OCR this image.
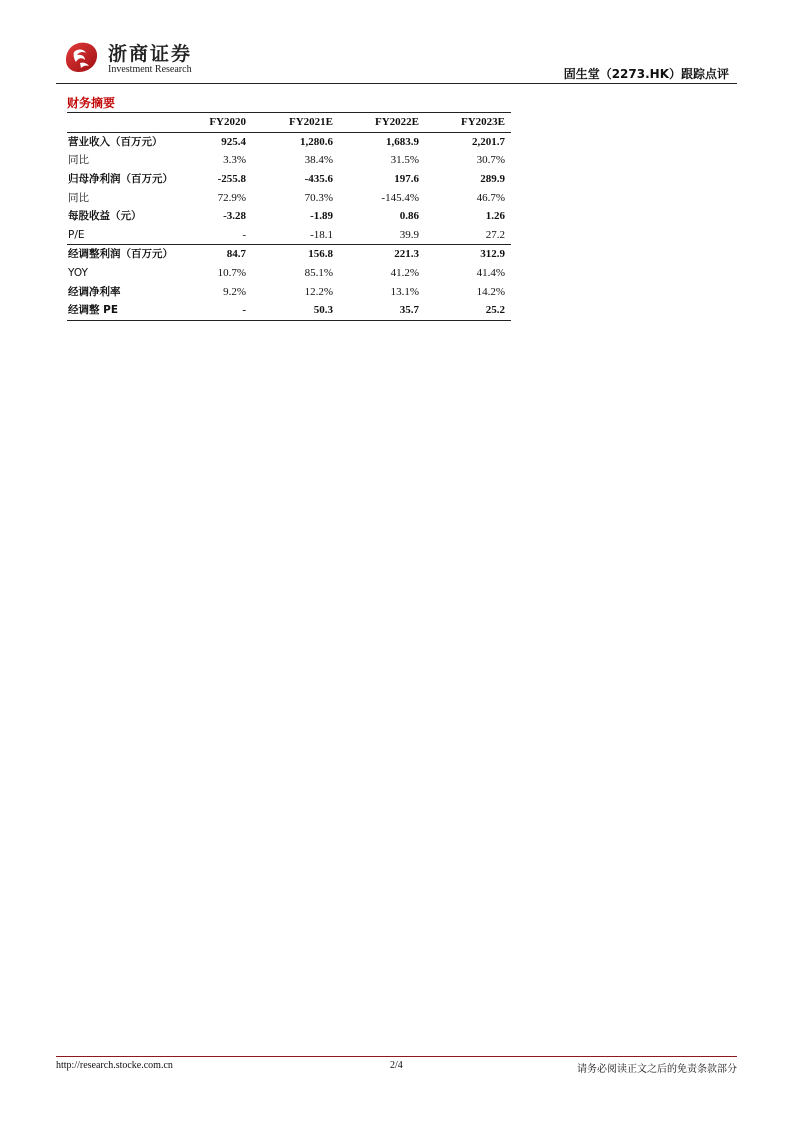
浙商证券
Investment Research	固生堂（2273.HK）跟踪点评
财务摘要
	FY2020	FY2021E	FY2022E	FY2023E
营业收入（百万元）	925.4	1,280.6	1,683.9	2,201.7
同比	3.3%	38.4%	31.5%	30.7%
归母净利润（百万元）	-255.8	-435.6	197.6	289.9
同比	72.9%	70.3%	-145.4%	46.7%
每股收益（元）	-3.28	-1.89	0.86	1.26
P/E	-	-18.1	39.9	27.2
经调整利润（百万元）	84.7	156.8	221.3	312.9
YOY	10.7%	85.1%	41.2%	41.4%
经调净利率	9.2%	12.2%	13.1%	14.2%
经调整 PE	-	50.3	35.7	25.2
http://research.stocke.com.cn	2/4	请务必阅读正文之后的免责条款部分
